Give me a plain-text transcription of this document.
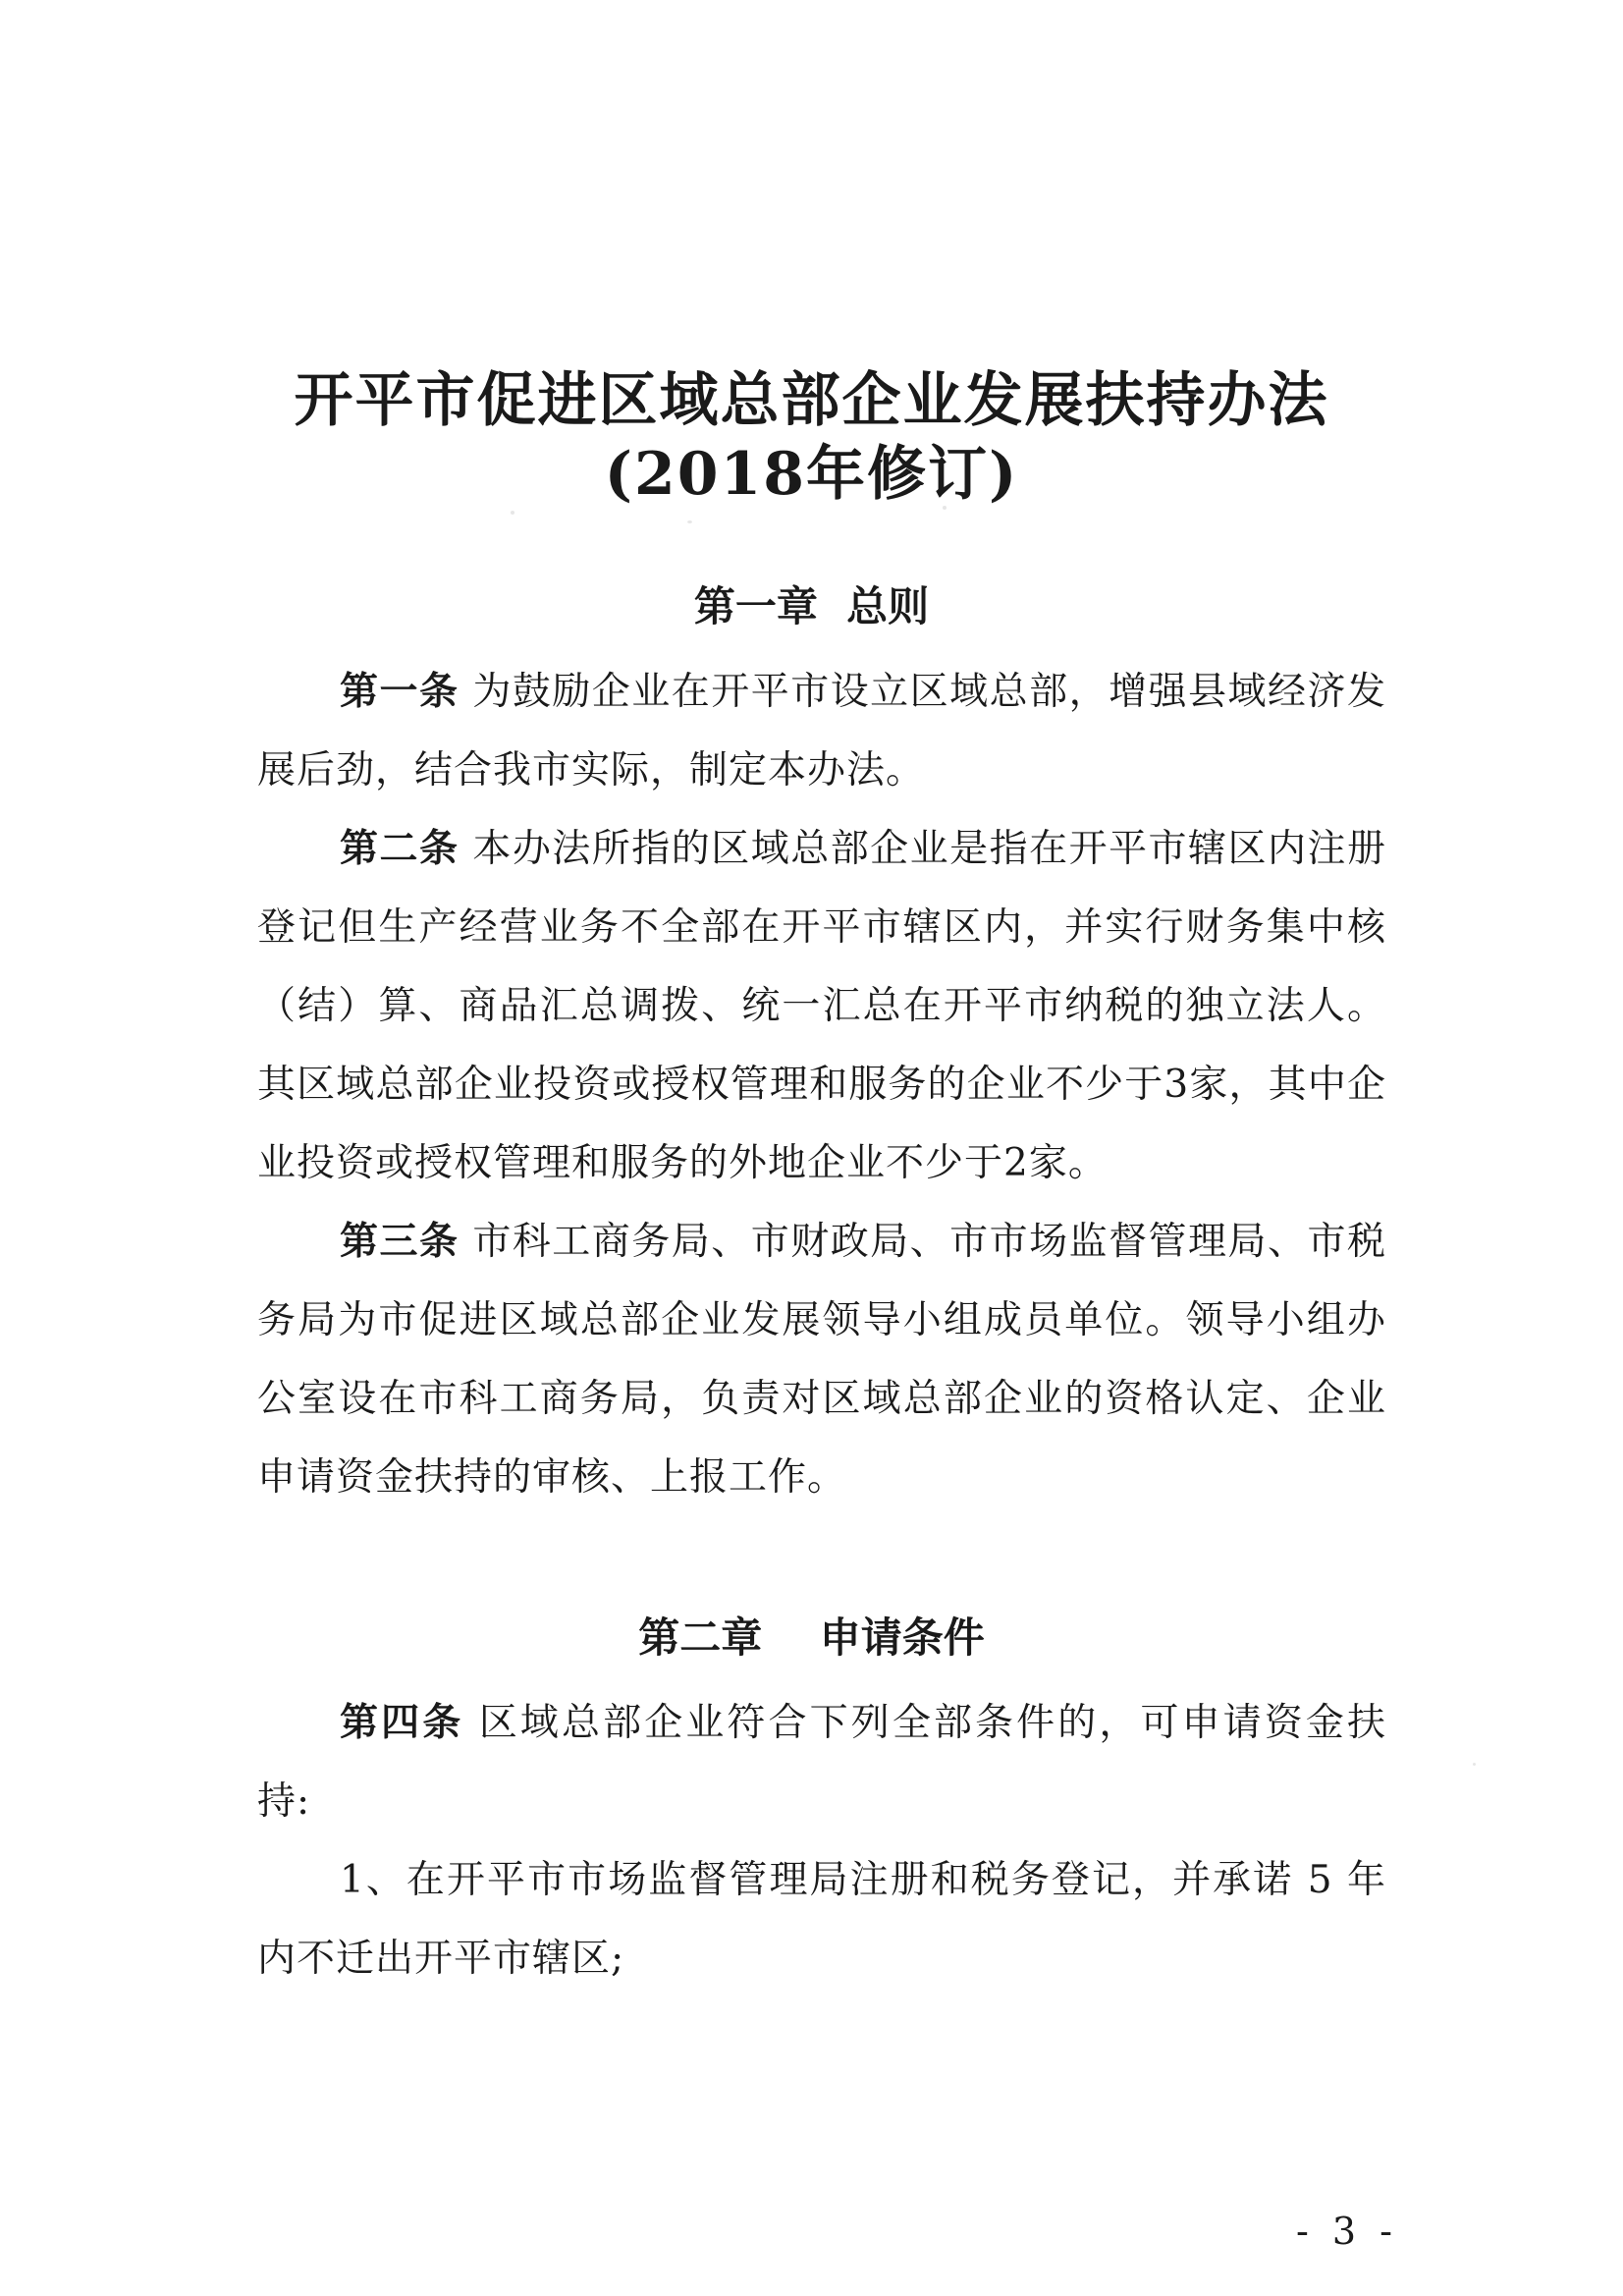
开平市促进区域总部企业发展扶持办法
(2018年修订)
第一章  总则
第一条 为鼓励企业在开平市设立区域总部，增强县域经济发展后劲，结合我市实际，制定本办法。
第二条 本办法所指的区域总部企业是指在开平市辖区内注册登记但生产经营业务不全部在开平市辖区内，并实行财务集中核（结）算、商品汇总调拨、统一汇总在开平市纳税的独立法人。其区域总部企业投资或授权管理和服务的企业不少于3家，其中企业投资或授权管理和服务的外地企业不少于2家。
第三条 市科工商务局、市财政局、市市场监督管理局、市税务局为市促进区域总部企业发展领导小组成员单位。领导小组办公室设在市科工商务局，负责对区域总部企业的资格认定、企业申请资金扶持的审核、上报工作。
第二章    申请条件
第四条 区域总部企业符合下列全部条件的，可申请资金扶持:
1、在开平市市场监督管理局注册和税务登记，并承诺 5 年内不迁出开平市辖区;
- 3 -
